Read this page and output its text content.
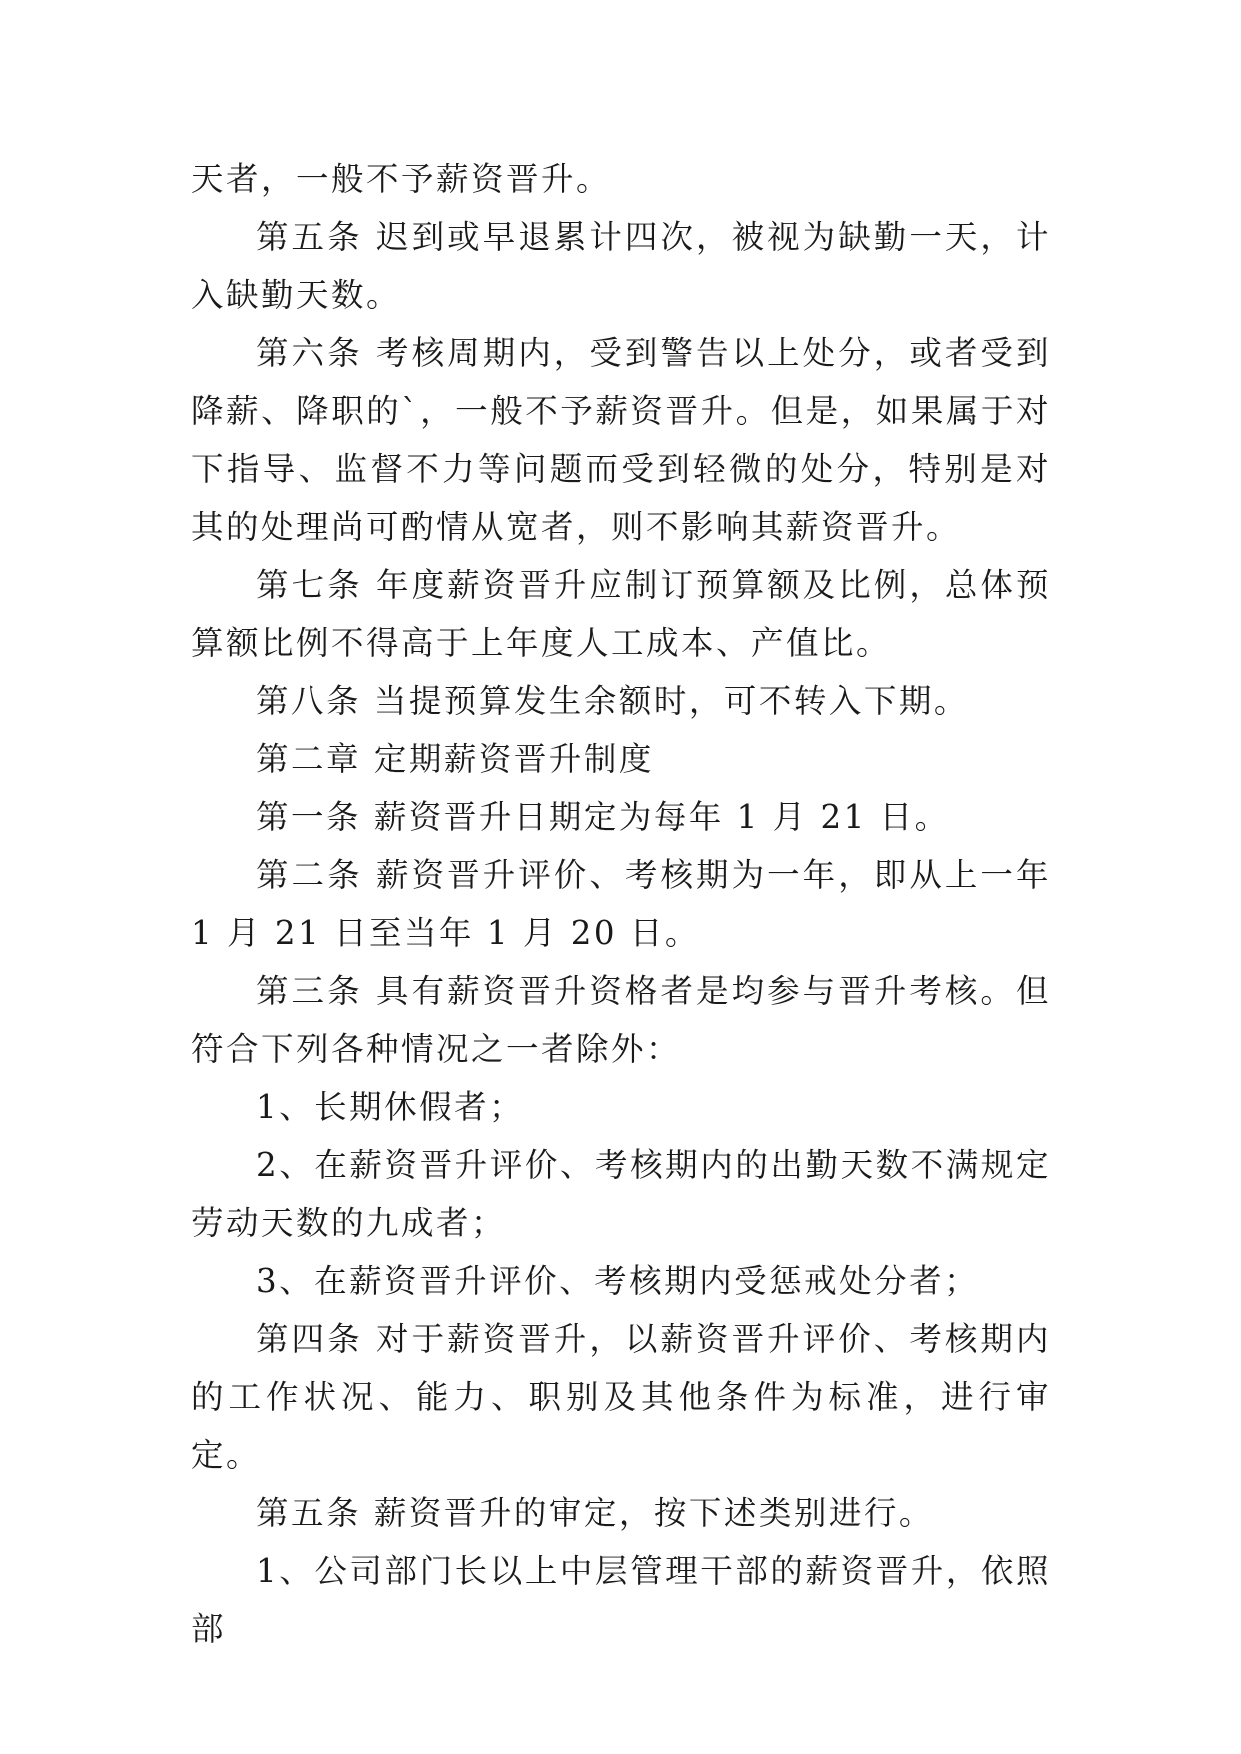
天者，一般不予薪资晋升。

第五条 迟到或早退累计四次，被视为缺勤一天，计入缺勤天数。

第六条 考核周期内，受到警告以上处分，或者受到降薪、降职的`，一般不予薪资晋升。但是，如果属于对下指导、监督不力等问题而受到轻微的处分，特别是对其的处理尚可酌情从宽者，则不影响其薪资晋升。

第七条 年度薪资晋升应制订预算额及比例，总体预算额比例不得高于上年度人工成本、产值比。

第八条 当提预算发生余额时，可不转入下期。

第二章 定期薪资晋升制度

第一条 薪资晋升日期定为每年 1 月 21 日。

第二条 薪资晋升评价、考核期为一年，即从上一年 1 月 21 日至当年 1 月 20 日。

第三条 具有薪资晋升资格者是均参与晋升考核。但符合下列各种情况之一者除外：

1、长期休假者；

2、在薪资晋升评价、考核期内的出勤天数不满规定劳动天数的九成者；

3、在薪资晋升评价、考核期内受惩戒处分者；

第四条 对于薪资晋升，以薪资晋升评价、考核期内的工作状况、能力、职别及其他条件为标准，进行审定。

第五条 薪资晋升的审定，按下述类别进行。

1、公司部门长以上中层管理干部的薪资晋升，依照部
